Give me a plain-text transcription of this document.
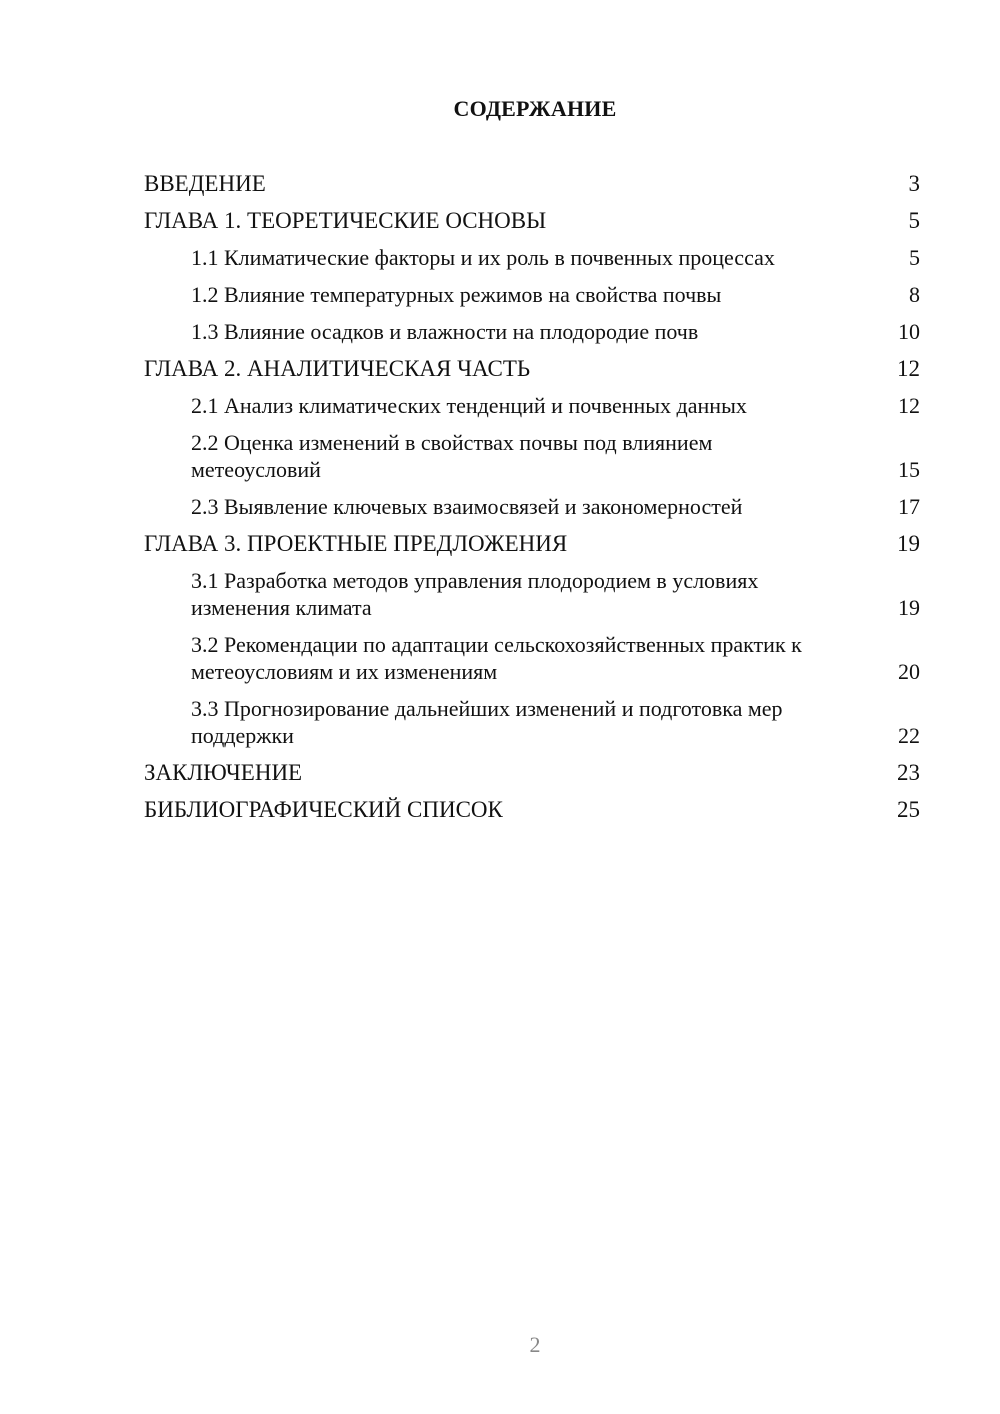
СОДЕРЖАНИЕ
ВВЕДЕНИЕ	3
ГЛАВА 1. ТЕОРЕТИЧЕСКИЕ ОСНОВЫ	5
1.1 Климатические факторы и их роль в почвенных процессах	5
1.2 Влияние температурных режимов на свойства почвы	8
1.3 Влияние осадков и влажности на плодородие почв	10
ГЛАВА 2. АНАЛИТИЧЕСКАЯ ЧАСТЬ	12
2.1 Анализ климатических тенденций и почвенных данных	12
2.2 Оценка изменений в свойствах почвы под влиянием метеоусловий	15
2.3 Выявление ключевых взаимосвязей и закономерностей	17
ГЛАВА 3. ПРОЕКТНЫЕ ПРЕДЛОЖЕНИЯ	19
3.1 Разработка методов управления плодородием в условиях изменения климата	19
3.2 Рекомендации по адаптации сельскохозяйственных практик к метеоусловиям и их изменениям	20
3.3 Прогнозирование дальнейших изменений и подготовка мер поддержки	22
ЗАКЛЮЧЕНИЕ	23
БИБЛИОГРАФИЧЕСКИЙ СПИСОК	25
2
